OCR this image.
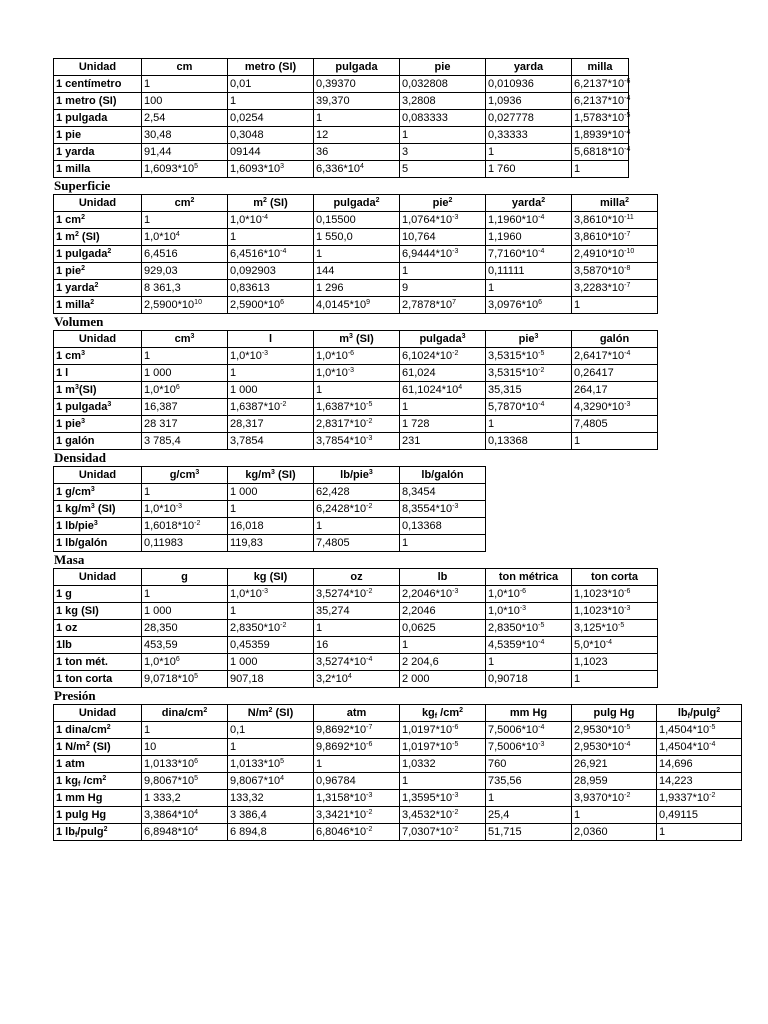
Unidad	cm	metro (SI)	pulgada	pie	yarda	milla
1 centímetro	1	0,01	0,39370	0,032808	0,010936	$6,2137*10^{-6}$
1 metro (SI)	100	1	39,370	3,2808	1,0936	$6,2137*10^{-4}$
1 pulgada	2,54	0,0254	1	0,083333	0,027778	$1,5783*10^{-5}$
1 pie	30,48	0,3048	12	1	0,33333	$1,8939*10^{-4}$
1 yarda	91,44	09144	36	3	1	$5,6818*10^{-4}$
1 milla	$1,6093*10^5$	$1,6093*10^3$	$6,336*10^4$	5	1 760	1
Superficie
Unidad	$cm^2$	$m^2$ (SI)	pulgada$^2$	pie$^2$	yarda$^2$	milla$^2$
1 $cm^2$	1	$1,0*10^{-4}$	0,15500	$1,0764*10^{-3}$	$1,1960*10^{-4}$	$3,8610*10^{-11}$
1 $m^2$ (SI)	$1,0*10^4$	1	1 550,0	10,764	1,1960	$3,8610*10^{-7}$
1 pulgada$^2$	6,4516	$6,4516*10^{-4}$	1	$6,9444*10^{-3}$	$7,7160*10^{-4}$	$2,4910*10^{-10}$
1 pie$^2$	929,03	0,092903	144	1	0,11111	$3,5870*10^{-8}$
1 yarda$^2$	8 361,3	0,83613	1 296	9	1	$3,2283*10^{-7}$
1 milla$^2$	$2,5900*10^{10}$	$2,5900*10^6$	$4,0145*10^9$	$2,7878*10^7$	$3,0976*10^6$	1
Volumen
Unidad	$cm^3$	l	$m^3$ (SI)	pulgada$^3$	pie$^3$	galón
1 $cm^3$	1	$1,0*10^{-3}$	$1,0*10^{-6}$	$6,1024*10^{-2}$	$3,5315*10^{-5}$	$2,6417*10^{-4}$
1 l	1 000	1	$1,0*10^{-3}$	61,024	$3,5315*10^{-2}$	0,26417
1 $m^3(SI)$	$1,0*10^6$	1 000	1	$61,1024*10^4$	35,315	264,17
1 pulgada$^3$	16,387	$1,6387*10^{-2}$	$1,6387*10^{-5}$	1	$5,7870*10^{-4}$	$4,3290*10^{-3}$
1 pie$^3$	28 317	28,317	$2,8317*10^{-2}$	1 728	1	7,4805
1 galón	3 785,4	3,7854	$3,7854*10^{-3}$	231	0,13368	1
Densidad
Unidad	$g/cm^3$	$kg/m^3$ (SI)	lb/pie$^3$	lb/galón
1 $g/cm^3$	1	1 000	62,428	8,3454
1 $kg/m^3$ (SI)	$1,0*10^{-3}$	1	$6,2428*10^{-2}$	$8,3554*10^{-3}$
1 lb/pie$^3$	$1,6018*10^{-2}$	16,018	1	0,13368
1 lb/galón	0,11983	119,83	7,4805	1
Masa
Unidad	g	kg (SI)	oz	lb	ton métrica	ton corta
1 g	1	$1,0*10^{-3}$	$3,5274*10^{-2}$	$2,2046*10^{-3}$	$1,0*10^{-6}$	$1,1023*10^{-6}$
1 kg (SI)	1 000	1	35,274	2,2046	$1,0*10^{-3}$	$1,1023*10^{-3}$
1 oz	28,350	$2,8350*10^{-2}$	1	0,0625	$2,8350*10^{-5}$	$3,125*10^{-5}$
1lb	453,59	0,45359	16	1	$4,5359*10^{-4}$	$5,0*10^{-4}$
1 ton mét.	$1,0*10^6$	1 000	$3,5274*10^{-4}$	2 204,6	1	1,1023
1 ton corta	$9,0718*10^5$	907,18	$3,2*10^4$	2 000	0,90718	1
Presión
Unidad	dina/$cm^2$	$N/m^2$ (SI)	atm	$kg_f$ $/cm^2$	mm Hg	pulg Hg	$lb_f/pulg^2$
1 dina/$cm^2$	1	0,1	$9,8692*10^{-7}$	$1,0197*10^{-6}$	$7,5006*10^{-4}$	$2,9530*10^{-5}$	$1,4504*10^{-5}$
1 $N/m^2$ (SI)	10	1	$9,8692*10^{-6}$	$1,0197*10^{-5}$	$7,5006*10^{-3}$	$2,9530*10^{-4}$	$1,4504*10^{-4}$
1 atm	$1,0133*10^6$	$1,0133*10^5$	1	1,0332	760	26,921	14,696
1 $kg_f$ $/cm^2$	$9,8067*10^5$	$9,8067*10^4$	0,96784	1	735,56	28,959	14,223
1 mm Hg	1 333,2	133,32	$1,3158*10^{-3}$	$1,3595*10^{-3}$	1	$3,9370*10^{-2}$	$1,9337*10^{-2}$
1 pulg Hg	$3,3864*10^4$	3 386,4	$3,3421*10^{-2}$	$3,4532*10^{-2}$	25,4	1	0,49115
1 $lb_f/pulg^2$	$6,8948*10^4$	6 894,8	$6,8046*10^{-2}$	$7,0307*10^{-2}$	51,715	2,0360	1
